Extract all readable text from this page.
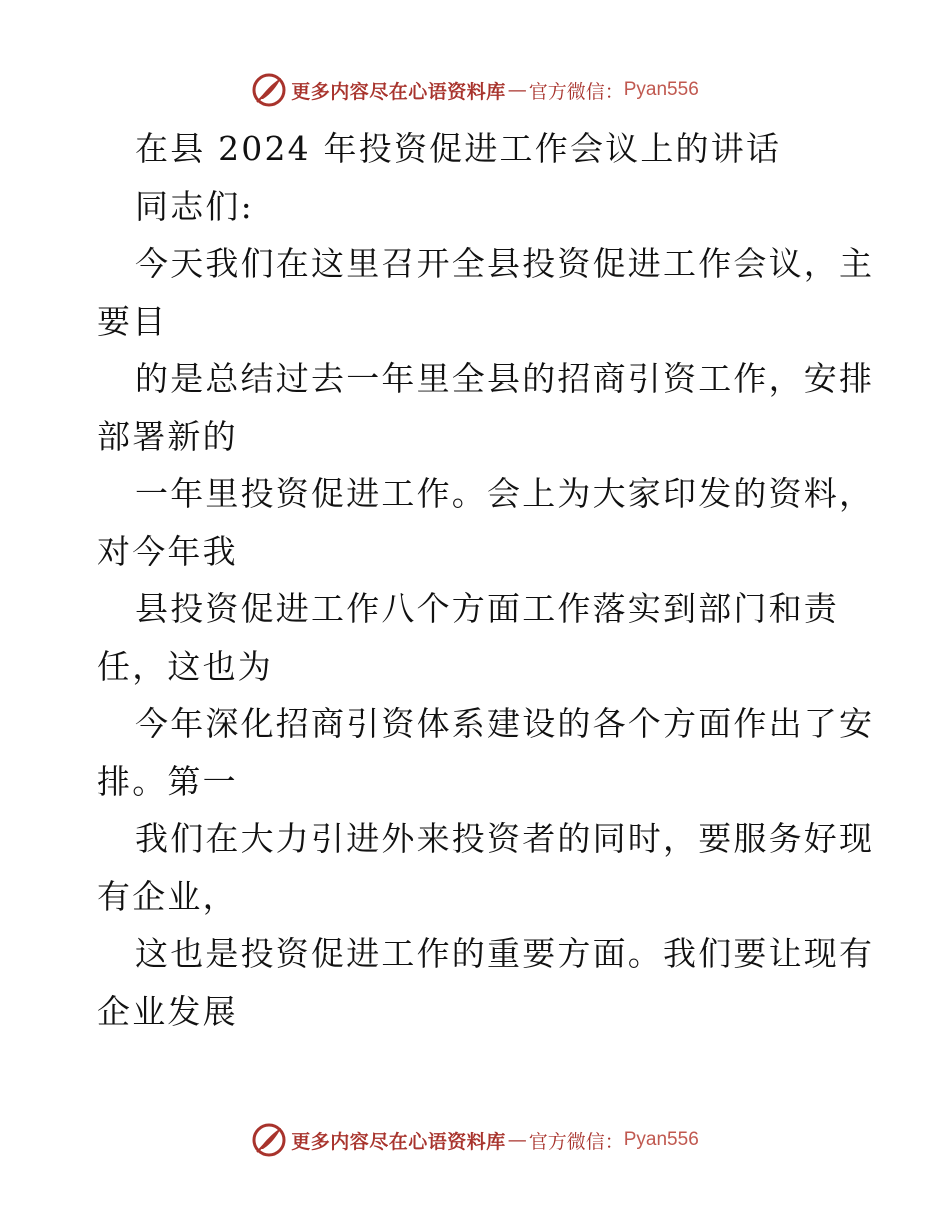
更多内容尽在心语资料库 — 官方微信： Pyan556
在县 2024 年投资促进工作会议上的讲话
同志们:
今天我们在这里召开全县投资促进工作会议，主
要目
的是总结过去一年里全县的招商引资工作，安排
部署新的
一年里投资促进工作。会上为大家印发的资料，
对今年我
县投资促进工作八个方面工作落实到部门和责
任，这也为
今年深化招商引资体系建设的各个方面作出了安
排。第一
我们在大力引进外来投资者的同时，要服务好现
有企业，
这也是投资促进工作的重要方面。我们要让现有
企业发展
更多内容尽在心语资料库 — 官方微信： Pyan556
